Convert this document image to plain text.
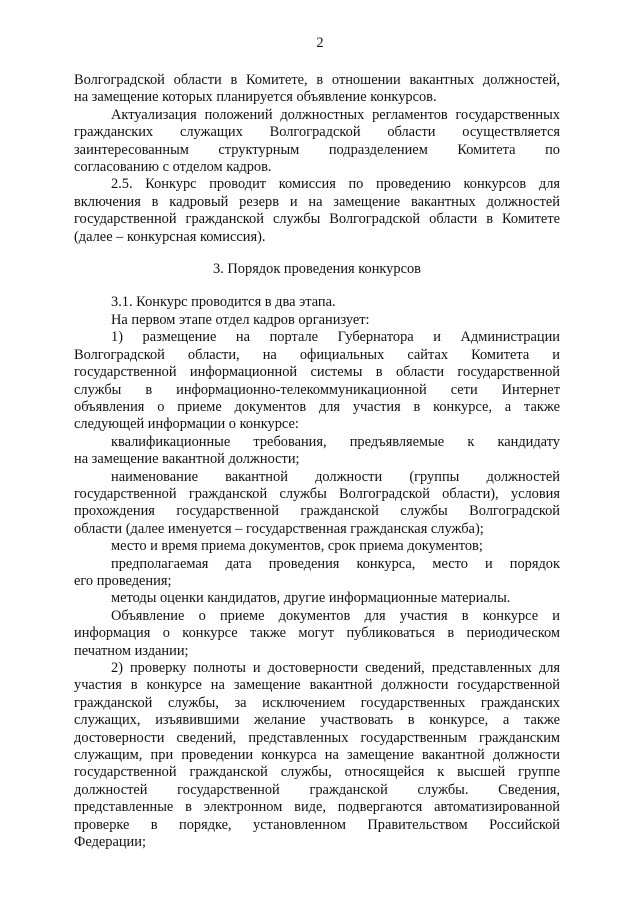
2
Волгоградской области в Комитете, в отношении вакантных должностей,
на замещение которых планируется объявление конкурсов.
Актуализация положений должностных регламентов государственных
гражданских служащих Волгоградской области осуществляется
заинтересованным структурным подразделением Комитета по
согласованию с отделом кадров.
2.5. Конкурс проводит комиссия по проведению конкурсов для
включения в кадровый резерв и на замещение вакантных должностей
государственной гражданской службы Волгоградской области в Комитете
(далее – конкурсная комиссия).
3. Порядок проведения конкурсов
3.1. Конкурс проводится в два этапа.
На первом этапе отдел кадров организует:
1) размещение на портале Губернатора и Администрации
Волгоградской области, на официальных сайтах Комитета и
государственной информационной системы в области государственной
службы в информационно-телекоммуникационной сети Интернет
объявления о приеме документов для участия в конкурсе, а также
следующей информации о конкурсе:
квалификационные требования, предъявляемые к кандидату
на замещение вакантной должности;
наименование вакантной должности (группы должностей
государственной гражданской службы Волгоградской области), условия
прохождения государственной гражданской службы Волгоградской
области (далее именуется – государственная гражданская служба);
место и время приема документов, срок приема документов;
предполагаемая дата проведения конкурса, место и порядок
его проведения;
методы оценки кандидатов, другие информационные материалы.
Объявление о приеме документов для участия в конкурсе и
информация о конкурсе также могут публиковаться в периодическом
печатном издании;
2) проверку полноты и достоверности сведений, представленных для
участия в конкурсе на замещение вакантной должности государственной
гражданской службы, за исключением государственных гражданских
служащих, изъявившими желание участвовать в конкурсе, а также
достоверности сведений, представленных государственным гражданским
служащим, при проведении конкурса на замещение вакантной должности
государственной гражданской службы, относящейся к высшей группе
должностей государственной гражданской службы. Сведения,
представленные в электронном виде, подвергаются автоматизированной
проверке в порядке, установленном Правительством Российской
Федерации;
